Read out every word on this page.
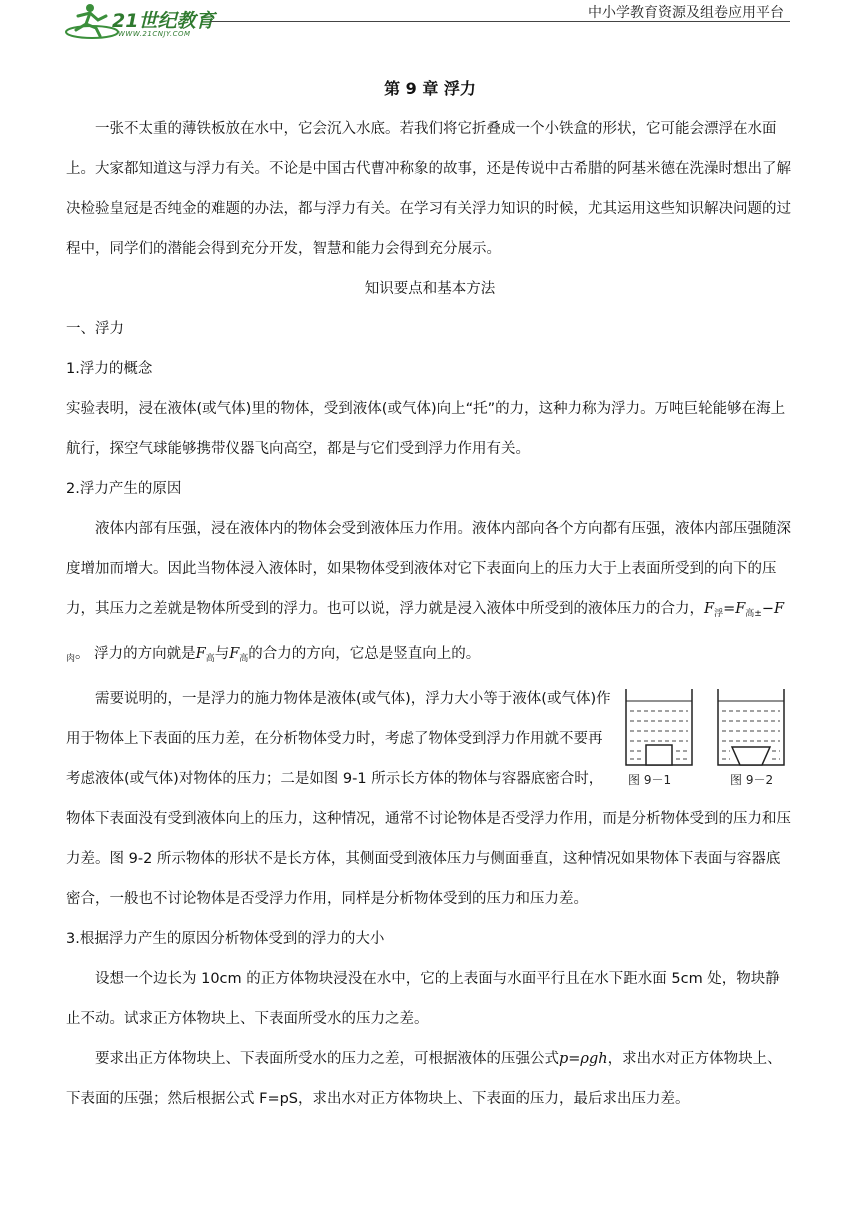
21世纪教育
WWW.21CNJY.COM
中小学教育资源及组卷应用平台
第 9 章 浮力

一张不太重的薄铁板放在水中，它会沉入水底。若我们将它折叠成一个小铁盒的形状，它可能会漂浮在水面上。大家都知道这与浮力有关。不论是中国古代曹冲称象的故事，还是传说中古希腊的阿基米德在洗澡时想出了解决检验皇冠是否纯金的难题的办法，都与浮力有关。在学习有关浮力知识的时候，尤其运用这些知识解决问题的过程中，同学们的潜能会得到充分开发，智慧和能力会得到充分展示。

知识要点和基本方法

一、浮力

1.浮力的概念

实验表明，浸在液体(或气体)里的物体，受到液体(或气体)向上“托”的力，这种力称为浮力。万吨巨轮能够在海上航行，探空气球能够携带仪器飞向高空，都是与它们受到浮力作用有关。

2.浮力产生的原因

液体内部有压强，浸在液体内的物体会受到液体压力作用。液体内部向各个方向都有压强，液体内部压强随深度增加而增大。因此当物体浸入液体时，如果物体受到液体对它下表面向上的压力大于上表面所受到的向下的压力，其压力之差就是物体所受到的浮力。也可以说，浮力就是浸入液体中所受到的液体压力的合力，$F_浮=F_{高\pm}-F_肉$。 浮力的方向就是$F_高$与$F_高$的合力的方向，它总是竖直向上的。

图 9－1	图 9－2

需要说明的，一是浮力的施力物体是液体(或气体)，浮力大小等于液体(或气体)作用于物体上下表面的压力差，在分析物体受力时，考虑了物体受到浮力作用就不要再考虑液体(或气体)对物体的压力；二是如图 9-1 所示长方体的物体与容器底密合时，物体下表面没有受到液体向上的压力，这种情况，通常不讨论物体是否受浮力作用，而是分析物体受到的压力和压力差。图 9-2 所示物体的形状不是长方体，其侧面受到液体压力与侧面垂直，这种情况如果物体下表面与容器底密合，一般也不讨论物体是否受浮力作用，同样是分析物体受到的压力和压力差。

3.根据浮力产生的原因分析物体受到的浮力的大小

设想一个边长为 10cm 的正方体物块浸没在水中，它的上表面与水面平行且在水下距水面 5cm 处，物块静止不动。试求正方体物块上、下表面所受水的压力之差。

要求出正方体物块上、下表面所受水的压力之差，可根据液体的压强公式p=ρgh，求出水对正方体物块上、下表面的压强；然后根据公式 F=pS，求出水对正方体物块上、下表面的压力，最后求出压力差。
